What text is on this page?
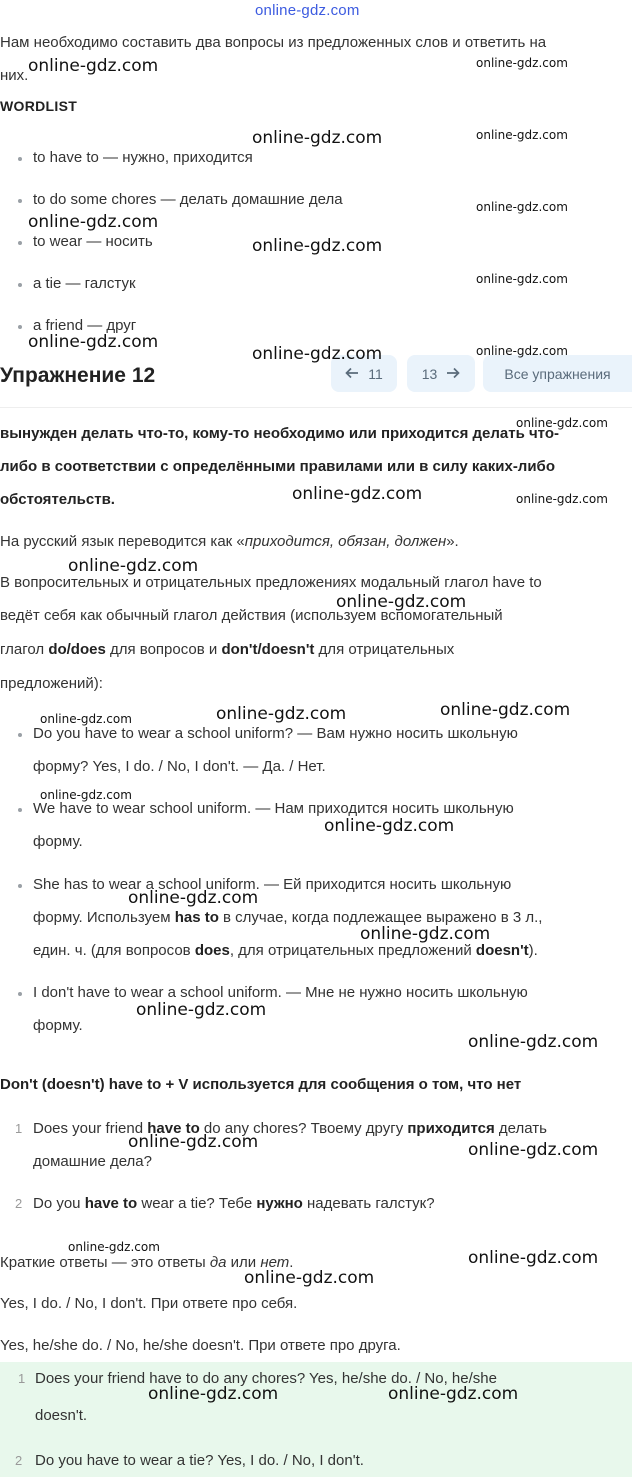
online-gdz.com
Нам необходимо составить два вопросы из предложенных слов и ответить на
них.
WORDLIST
to have to — нужно, приходится
to do some chores — делать домашние дела
to wear — носить
a tie — галстук
a friend — друг
Упражнение 12	11	13	Все упражнения
вынужден делать что-то, кому-то необходимо или приходится делать что-
либо в соответствии с определёнными правилами или в силу каких-либо
обстоятельств.
На русский язык переводится как «приходится, обязан, должен».
В вопросительных и отрицательных предложениях модальный глагол have to
ведёт себя как обычный глагол действия (используем вспомогательный
глагол do/does для вопросов и don't/doesn't для отрицательных
предложений):
Do you have to wear a school uniform? — Вам нужно носить школьную
форму? Yes, I do. / No, I don't. — Да. / Нет.
We have to wear school uniform. — Нам приходится носить школьную
форму.
She has to wear a school uniform. — Ей приходится носить школьную
форму. Используем has to в случае, когда подлежащее выражено в 3 л.,
един. ч. (для вопросов does, для отрицательных предложений doesn't).
I don't have to wear a school uniform. — Мне не нужно носить школьную
форму.
Don't (doesn't) have to + V используется для сообщения о том, что нет
1 Does your friend have to do any chores? Твоему другу приходится делать
домашние дела?
2 Do you have to wear a tie? Тебе нужно надевать галстук?
Краткие ответы — это ответы да или нет.
Yes, I do. / No, I don't. При ответе про себя.
Yes, he/she do. / No, he/she doesn't. При ответе про друга.
1 Does your friend have to do any chores? Yes, he/she do. / No, he/she
doesn't.
2 Do you have to wear a tie? Yes, I do. / No, I don't.
online-gdz.com	online-gdz.com
online-gdz.com	online-gdz.com
online-gdz.com
online-gdz.com
online-gdz.com
online-gdz.com
online-gdz.com
online-gdz.com	online-gdz.com
online-gdz.com
online-gdz.com	online-gdz.com
online-gdz.com
online-gdz.com
online-gdz.com	online-gdz.com	online-gdz.com
online-gdz.com
online-gdz.com
online-gdz.com
online-gdz.com
online-gdz.com
online-gdz.com
online-gdz.com	online-gdz.com
online-gdz.com
online-gdz.com
online-gdz.com
online-gdz.com	online-gdz.com
